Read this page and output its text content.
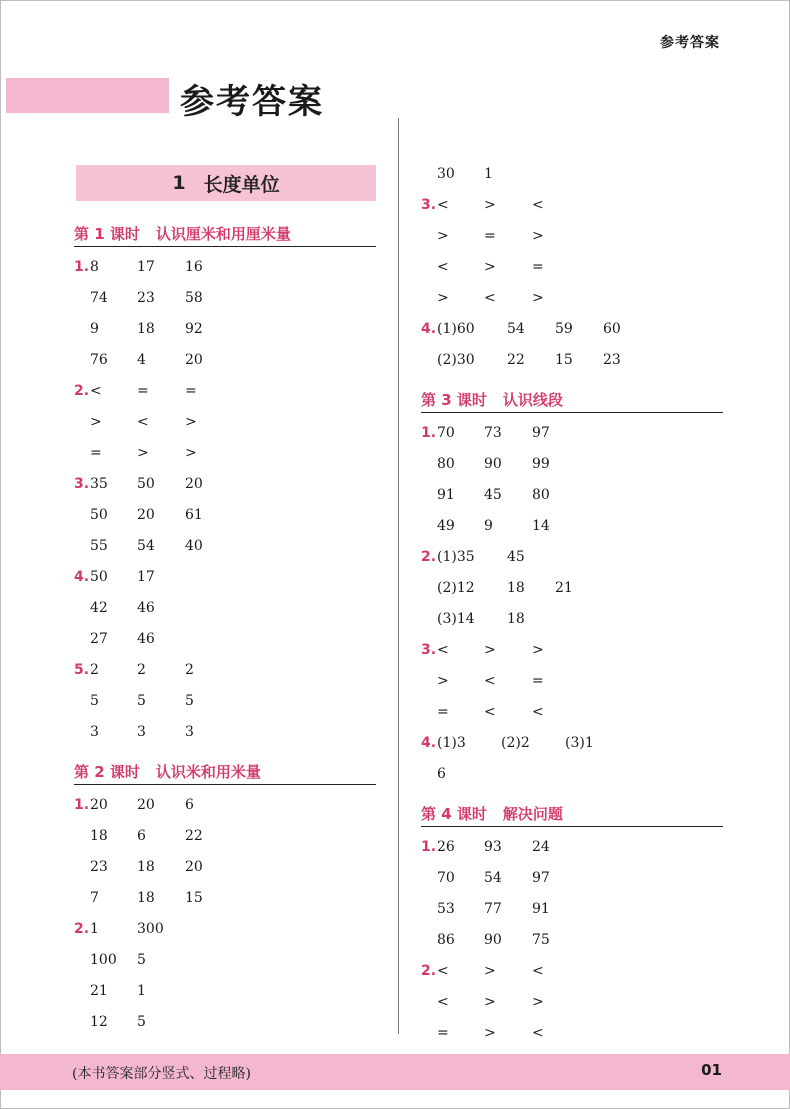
参考答案
参考答案
1 长度单位
第 1 课时 认识厘米和用厘米量
1. 8	17 16
74 23 58
9	18 92
76 4	20
2. <	=	=
>	<	>
=	>	>
3. 35 50 20
50 20 61
55 54 40
4. 50 17
42 46
27 46
5. 2	2	2
5	5	5
3	3	3
第 2 课时 认识米和用米量
1. 20 20 6
18 6	22
23 18 20
7	18 15
2. 1	300
100 5
21 1
12 5
30 1
3. <	>	<
>	=	>
<	>	=
>	<	>
4. (1)60 54 59 60
(2)30 22 15 23
第 3 课时 认识线段
1. 70 73 97
80 90 99
91 45 80
49 9	14
2. (1)35 45
(2)12 18 21
(3)14 18
3. <	>	>
>	<	=
=	<	<
4. (1)3	(2)2	(3)1
6
第 4 课时 解决问题
1. 26 93 24
70 54 97
53 77 91
86 90 75
2. <	>	<
<	>	>
=	>	<
(本书答案部分竖式、过程略)	01
